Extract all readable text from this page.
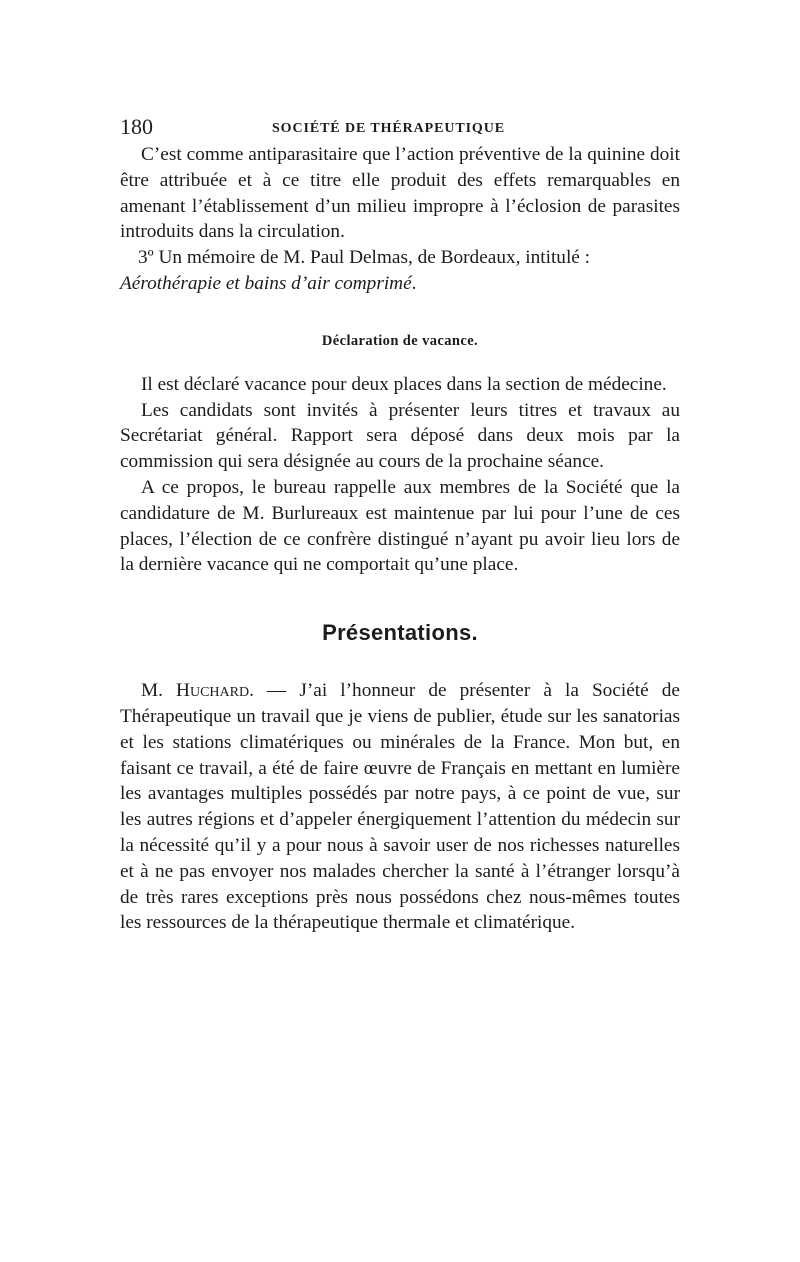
180	SOCIÉTÉ DE THÉRAPEUTIQUE

C’est comme antiparasitaire que l’action préventive de la quinine doit être attribuée et à ce titre elle produit des effets remarquables en amenant l’établissement d’un milieu impropre à l’éclosion de parasites introduits dans la circulation.

3º Un mémoire de M. Paul Delmas, de Bordeaux, intitulé :
Aérothérapie et bains d’air comprimé.

Déclaration de vacance.

Il est déclaré vacance pour deux places dans la section de médecine.

Les candidats sont invités à présenter leurs titres et travaux au Secrétariat général. Rapport sera déposé dans deux mois par la commission qui sera désignée au cours de la prochaine séance.

A ce propos, le bureau rappelle aux membres de la Société que la candidature de M. Burlureaux est maintenue par lui pour l’une de ces places, l’élection de ce confrère distingué n’ayant pu avoir lieu lors de la dernière vacance qui ne comportait qu’une place.

Présentations.

M. Huchard. — J’ai l’honneur de présenter à la Société de Thérapeutique un travail que je viens de publier, étude sur les sanatorias et les stations climatériques ou minérales de la France. Mon but, en faisant ce travail, a été de faire œuvre de Français en mettant en lumière les avantages multiples possédés par notre pays, à ce point de vue, sur les autres régions et d’appeler énergiquement l’attention du médecin sur la nécessité qu’il y a pour nous à savoir user de nos richesses naturelles et à ne pas envoyer nos malades chercher la santé à l’étranger lorsqu’à de très rares exceptions près nous possédons chez nous-mêmes toutes les ressources de la thérapeutique thermale et climatérique.
